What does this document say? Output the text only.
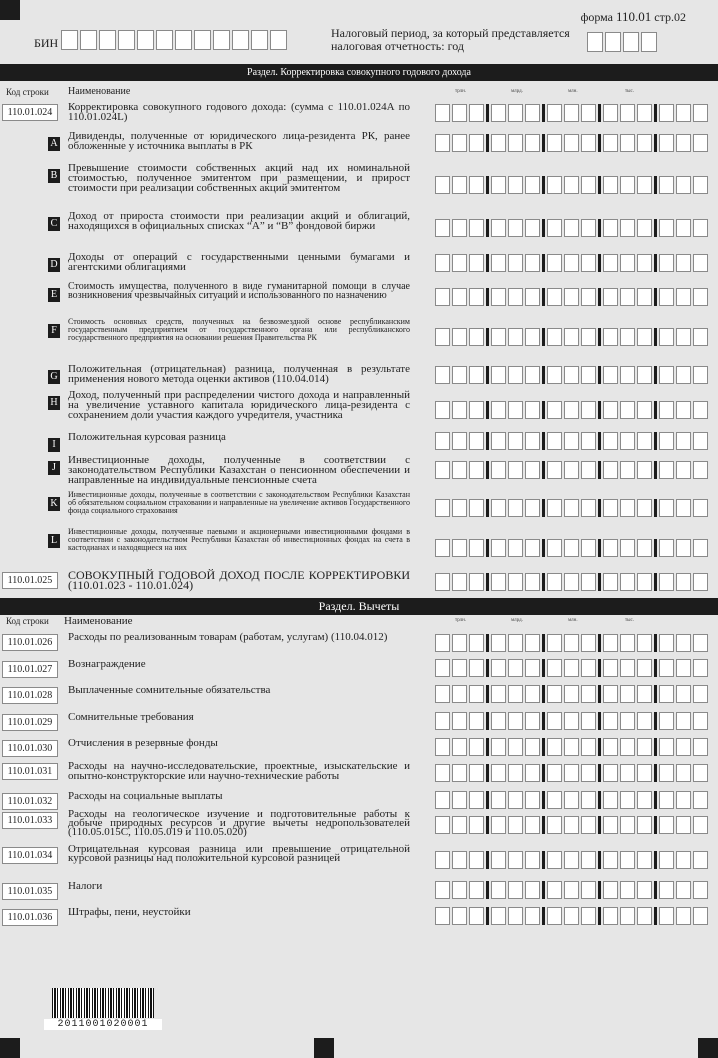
форма 110.01 стр.02
БИН
Налоговый период, за который представляется налоговая отчетность: год
Раздел. Корректировка совокупного годового дохода
Код строки Наименование	трлн.	млрд.	млн.	тыс.
110.01.024	Корректировка совокупного годового дохода: (сумма с 110.01.024A по 110.01.024L)
A
Дивиденды, полученные от юридического лица-резидента РК, ранее обложенные у источника выплаты в РК
B
Превышение стоимости собственных акций над их номинальной стоимостью, полученное эмитентом при размещении, и прирост стоимости при реализации собственных акций эмитентом
C
Доход от прироста стоимости при реализации акций и облигаций, находящихся в официальных списках “A” и “B” фондовой биржи
D
Доходы от операций с государственными ценными бумагами и агентскими облигациями
E
Стоимость имущества, полученного в виде гуманитарной помощи в случае возникновения чрезвычайных ситуаций и использованного по назначению
F
Стоимость основных средств, полученных на безвозмездной основе республиканским государственным предприятием от государственного органа или республиканского государственного предприятия на основании решения Правительства РК
G
Положительная (отрицательная) разница, полученная в результате применения нового метода оценки активов (110.04.014)
H
Доход, полученный при распределении чистого дохода и направленный на увеличение уставного капитала юридического лица-резидента с сохранением доли участия каждого учредителя, участника
I
Положительная курсовая разница
J
Инвестиционные доходы, полученные в соответствии с законодательством Республики Казахстан о пенсионном обеспечении и направленные на индивидуальные пенсионные счета
K
Инвестиционные доходы, полученные в соответствии с законодательством Республики Казахстан об обязательном социальном страховании и направленные на увеличение активов Государственного фонда социального страхования
L
Инвестиционные доходы, полученные паевыми и акционерными инвестиционными фондами в соответствии с законодательством Республики Казахстан об инвестиционных фондах на счета в кастодианах и находящиеся на них
110.01.025	СОВОКУПНЫЙ ГОДОВОЙ ДОХОД ПОСЛЕ КОРРЕКТИРОВКИ (110.01.023 - 110.01.024)
Раздел. Вычеты
Код строки Наименование	трлн.	млрд.	млн.	тыс.
110.01.026	Расходы по реализованным товарам (работам, услугам) (110.04.012)
110.01.027	Вознаграждение
110.01.028	Выплаченные сомнительные обязательства
110.01.029	Сомнительные требования
110.01.030	Отчисления в резервные фонды
110.01.031	Расходы на научно-исследовательские, проектные, изыскательские и опытно-конструкторские или научно-технические работы
110.01.032	Расходы на социальные выплаты
110.01.033
Расходы на геологическое изучение и подготовительные работы к добыче природных ресурсов и другие вычеты недропользователей (110.05.015C, 110.05.019 и 110.05.020)
110.01.034
Отрицательная курсовая разница или превышение отрицательной курсовой разницы над положительной курсовой разницей
110.01.035	Налоги
110.01.036	Штрафы, пени, неустойки
2011001020001
